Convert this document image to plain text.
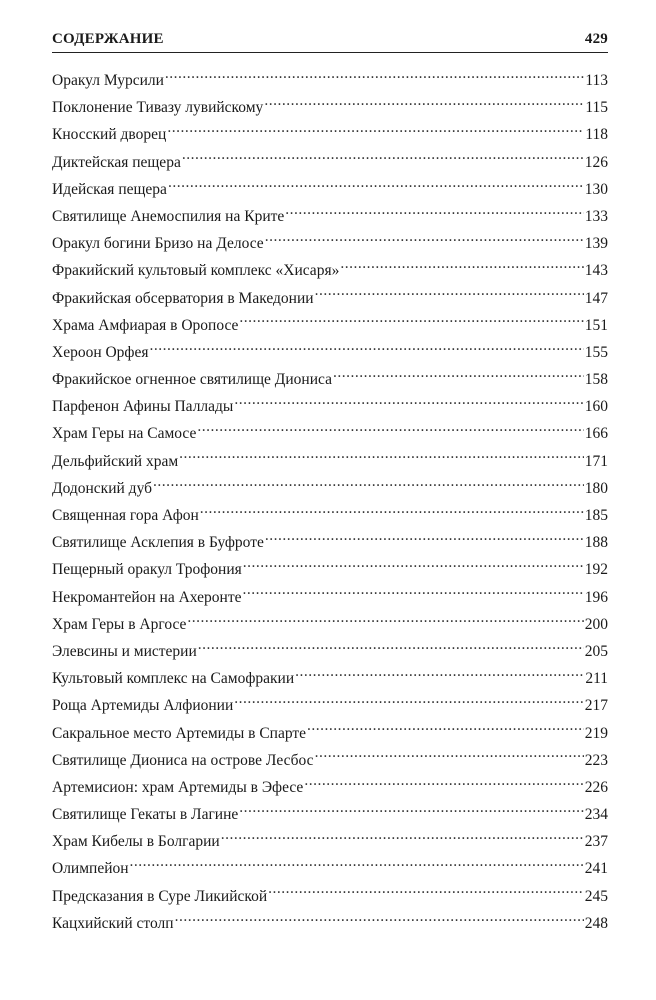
СОДЕРЖАНИЕ	429
Оракул Мурсили .....	113
Поклонение Тивазу лувийскому .....	115
Кносский дворец .....	118
Диктейская пещера .....	126
Идейская пещера .....	130
Святилище Анемоспилия на Крите .....	133
Оракул богини Бризо на Делосе .....	139
Фракийский культовый комплекс «Хисаря» .....	143
Фракийская обсерватория в Македонии .....	147
Храма Амфиарая в Оропосе .....	151
Хероон Орфея .....	155
Фракийское огненное святилище Диониса .....	158
Парфенон Афины Паллады .....	160
Храм Геры на Самосе .....	166
Дельфийский храм .....	171
Додонский дуб .....	180
Священная гора Афон .....	185
Святилище Асклепия в Буфроте .....	188
Пещерный оракул Трофония .....	192
Некромантейон на Ахеронте .....	196
Храм Геры в Аргосе .....	200
Элевсины и мистерии .....	205
Культовый комплекс на Самофракии .....	211
Роща Артемиды Алфионии .....	217
Сакральное место Артемиды в Спарте .....	219
Святилище Диониса на острове Лесбос .....	223
Артемисион: храм Артемиды в Эфесе .....	226
Святилище Гекаты в Лагине .....	234
Храм Кибелы в Болгарии .....	237
Олимпейон .....	241
Предсказания в Суре Ликийской .....	245
Кацхийский столп .....	248
